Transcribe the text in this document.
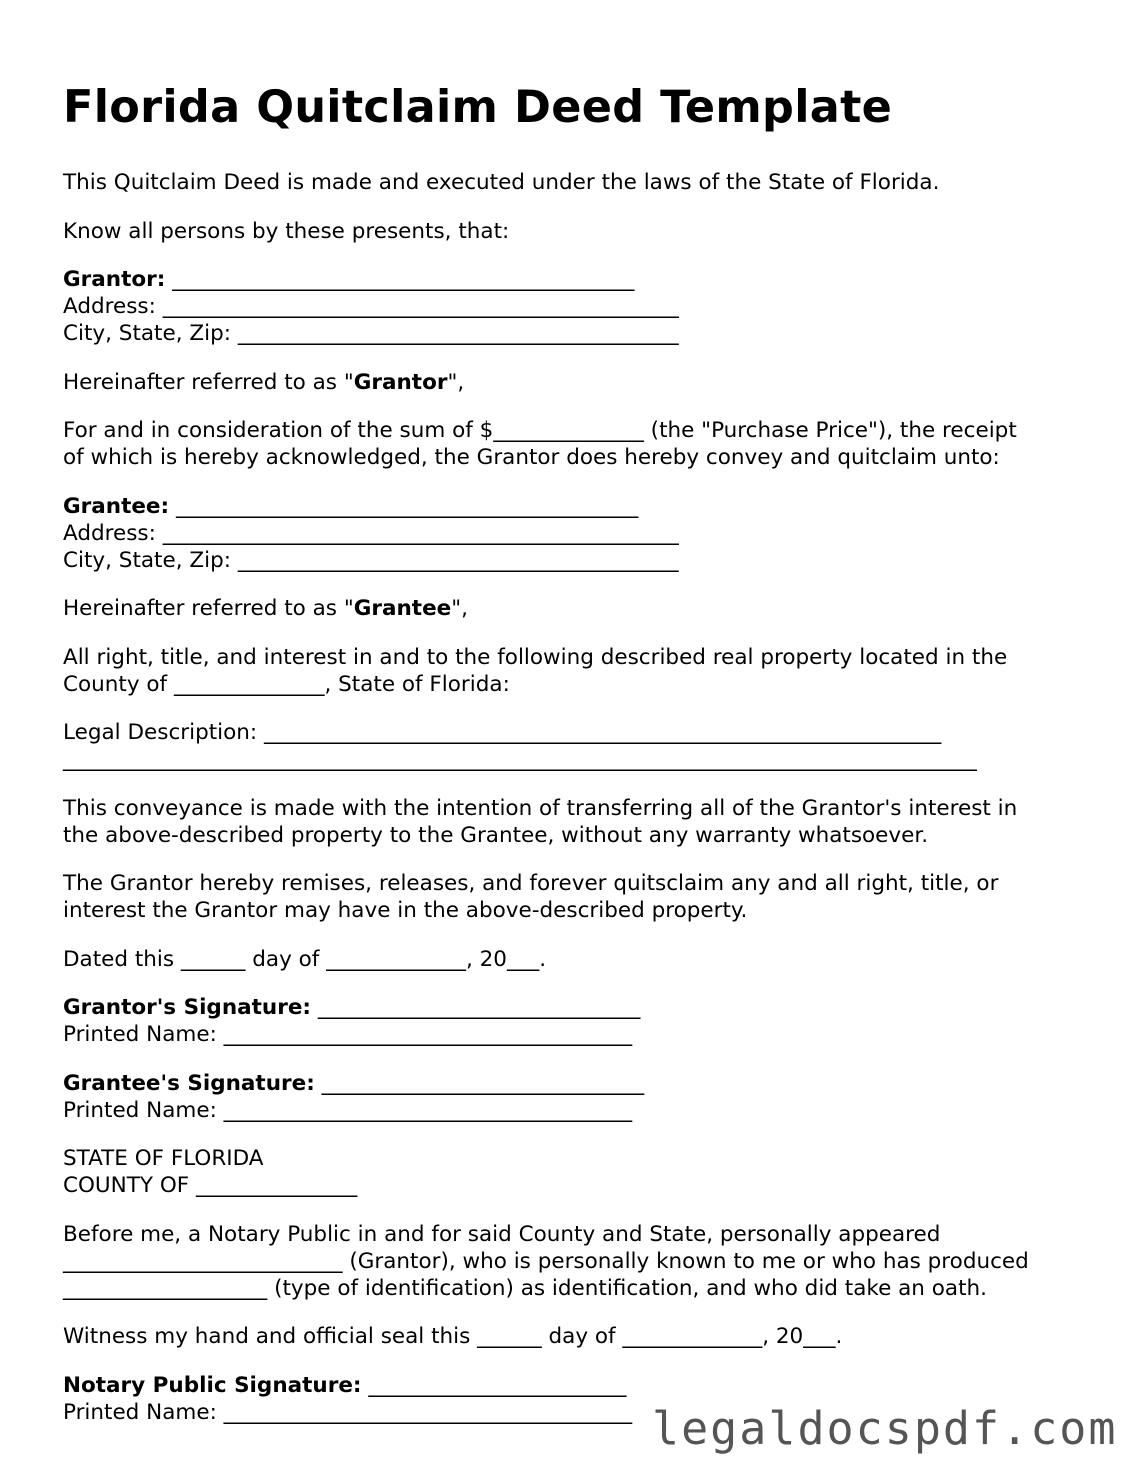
Florida Quitclaim Deed Template

This Quitclaim Deed is made and executed under the laws of the State of Florida.

Know all persons by these presents, that:

Grantor: ___________________________________________

Address: ________________________________________________

City, State, Zip: _________________________________________

Hereinafter referred to as "Grantor",

For and in consideration of the sum of $______________ (the "Purchase Price"), the receipt

of which is hereby acknowledged, the Grantor does hereby convey and quitclaim unto:

Grantee: ___________________________________________

Address: ________________________________________________

City, State, Zip: _________________________________________

Hereinafter referred to as "Grantee",

All right, title, and interest in and to the following described real property located in the

County of ______________, State of Florida:

Legal Description: _______________________________________________________________

_____________________________________________________________________________________

This conveyance is made with the intention of transferring all of the Grantor's interest in

the above-described property to the Grantee, without any warranty whatsoever.

The Grantor hereby remises, releases, and forever quitsclaim any and all right, title, or

interest the Grantor may have in the above-described property.

Dated this ______ day of _____________, 20___.

Grantor's Signature: ______________________________

Printed Name: ______________________________________

Grantee's Signature: ______________________________

Printed Name: ______________________________________

STATE OF FLORIDA

COUNTY OF _______________

Before me, a Notary Public in and for said County and State, personally appeared

__________________________ (Grantor), who is personally known to me or who has produced

___________________ (type of identification) as identification, and who did take an oath.

Witness my hand and official seal this ______ day of _____________, 20___.

Notary Public Signature: ________________________

Printed Name: ______________________________________ legaldocspdf.com
